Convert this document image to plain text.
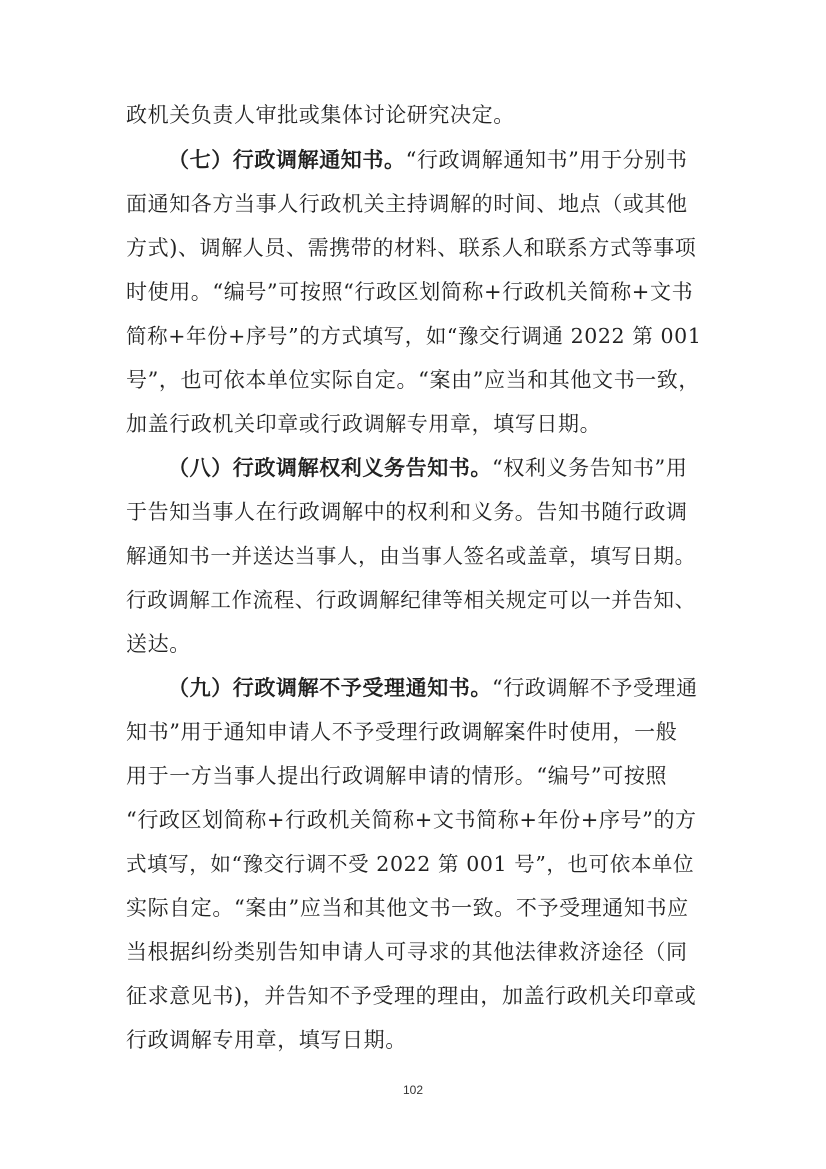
政机关负责人审批或集体讨论研究决定。
（七）行政调解通知书。“行政调解通知书”用于分别书
面通知各方当事人行政机关主持调解的时间、地点（或其他
方式)、调解人员、需携带的材料、联系人和联系方式等事项
时使用。“编号”可按照“行政区划简称+行政机关简称+文书
简称+年份+序号”的方式填写，如“豫交行调通 2022 第 001
号”，也可依本单位实际自定。“案由”应当和其他文书一致，
加盖行政机关印章或行政调解专用章，填写日期。
（八）行政调解权利义务告知书。“权利义务告知书”用
于告知当事人在行政调解中的权利和义务。告知书随行政调
解通知书一并送达当事人，由当事人签名或盖章，填写日期。
行政调解工作流程、行政调解纪律等相关规定可以一并告知、
送达。
（九）行政调解不予受理通知书。“行政调解不予受理通
知书”用于通知申请人不予受理行政调解案件时使用，一般
用于一方当事人提出行政调解申请的情形。“编号”可按照
“行政区划简称+行政机关简称+文书简称+年份+序号”的方
式填写，如“豫交行调不受 2022 第 001 号”，也可依本单位
实际自定。“案由”应当和其他文书一致。不予受理通知书应
当根据纠纷类别告知申请人可寻求的其他法律救济途径（同
征求意见书)，并告知不予受理的理由，加盖行政机关印章或
行政调解专用章，填写日期。
102
